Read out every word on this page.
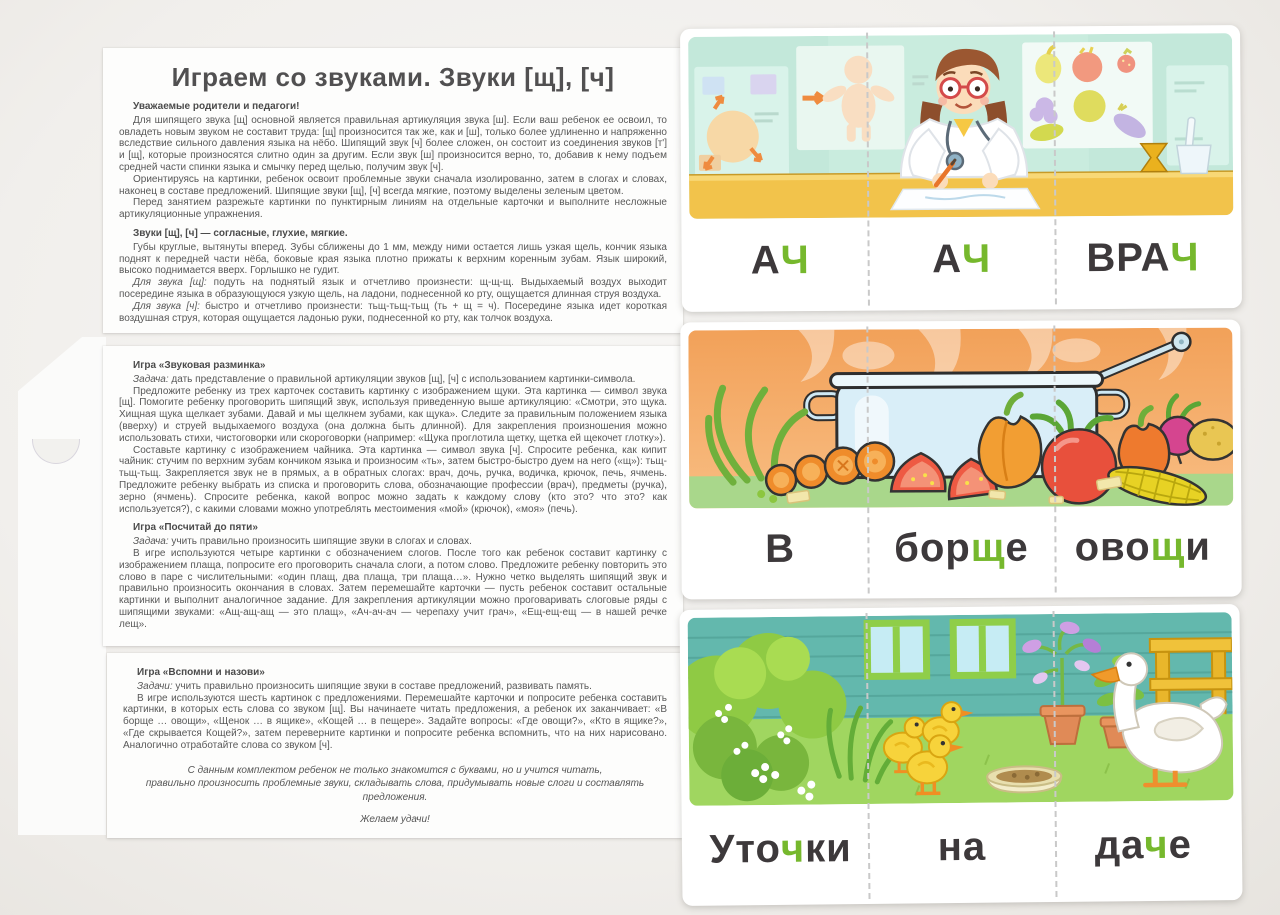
Играем со звуками. Звуки [щ], [ч]
Уважаемые родители и педагоги!

Для шипящего звука [щ] основной является правильная артикуляция звука [ш]. Если ваш ребенок ее освоил, то овладеть новым звуком не составит труда: [щ] произносится так же, как и [ш], только более удлиненно и напряженно вследствие сильного давления языка на нёбо. Шипящий звук [ч] более сложен, он состоит из соединения звуков [т'] и [щ], которые произносятся слитно один за другим. Если звук [ш] произносится верно, то, добавив к нему подъем средней части спинки языка и смычку перед щелью, получим звук [ч].

Ориентируясь на картинки, ребенок освоит проблемные звуки сначала изолированно, затем в слогах и словах, наконец в составе предложений. Шипящие звуки [щ], [ч] всегда мягкие, поэтому выделены зеленым цветом.

Перед занятием разрежьте картинки по пунктирным линиям на отдельные карточки и выполните несложные артикуляционные упражнения.

Звуки [щ], [ч] — согласные, глухие, мягкие.

Губы круглые, вытянуты вперед. Зубы сближены до 1 мм, между ними остается лишь узкая щель, кончик языка поднят к передней части нёба, боковые края языка плотно прижаты к верхним коренным зубам. Язык широкий, высоко поднимается вверх. Горлышко не гудит.

Для звука [щ]: подуть на поднятый язык и отчетливо произнести: щ-щ-щ. Выдыхаемый воздух выходит посередине языка в образующуюся узкую щель, на ладони, поднесенной ко рту, ощущается длинная струя воздуха.

Для звука [ч]: быстро и отчетливо произнести: тьщ-тьщ-тьщ (ть + щ = ч). Посередине языка идет короткая воздушная струя, которая ощущается ладонью руки, поднесенной ко рту, как толчок воздуха.

Игра «Звуковая разминка»

Задача: дать представление о правильной артикуляции звуков [щ], [ч] с использованием картинки-символа.

Предложите ребенку из трех карточек составить картинку с изображением щуки. Эта картинка — символ звука [щ]. Помогите ребенку проговорить шипящий звук, используя приведенную выше артикуляцию: «Смотри, это щука. Хищная щука щелкает зубами. Давай и мы щелкнем зубами, как щука». Следите за правильным положением языка (вверху) и струей выдыхаемого воздуха (она должна быть длинной). Для закрепления произношения можно использовать стихи, чистоговорки или скороговорки (например: «Щука проглотила щетку, щетка ей щекочет глотку»).

Составьте картинку с изображением чайника. Эта картинка — символ звука [ч]. Спросите ребенка, как кипит чайник: стучим по верхним зубам кончиком языка и произносим «ть», затем быстро-быстро дуем на него («щ»): тьщ-тьщ-тьщ. Закрепляется звук не в прямых, а в обратных слогах: врач, дочь, ручка, водичка, крючок, печь, ячмень. Предложите ребенку выбрать из списка и проговорить слова, обозначающие профессии (врач), предметы (ручка), зерно (ячмень). Спросите ребенка, какой вопрос можно задать к каждому слову (кто это? что это? как используется?), с какими словами можно употреблять местоимения «мой» (крючок), «моя» (печь).

Игра «Посчитай до пяти»

Задача: учить правильно произносить шипящие звуки в слогах и словах.

В игре используются четыре картинки с обозначением слогов. После того как ребенок составит картинку с изображением плаща, попросите его проговорить сначала слоги, а потом слово. Предложите ребенку повторить это слово в паре с числительными: «один плащ, два плаща, три плаща…». Нужно четко выделять шипящий звук и правильно произносить окончания в словах. Затем перемешайте карточки — пусть ребенок составит остальные картинки и выполнит аналогичное задание. Для закрепления артикуляции можно проговаривать слоговые ряды с шипящими звуками: «Ащ-ащ-ащ — это плащ», «Ач-ач-ач — черепаху учит грач», «Ещ-ещ-ещ — в нашей речке лещ».

Игра «Вспомни и назови»

Задачи: учить правильно произносить шипящие звуки в составе предложений, развивать память.

В игре используются шесть картинок с предложениями. Перемешайте карточки и попросите ребенка составить картинки, в которых есть слова со звуком [щ]. Вы начинаете читать предложения, а ребенок их заканчивает: «В борще … овощи», «Щенок … в ящике», «Кощей … в пещере». Задайте вопросы: «Где овощи?», «Кто в ящике?», «Где скрывается Кощей?», затем переверните картинки и попросите ребенка вспомнить, что на них нарисовано. Аналогично отработайте слова со звуком [ч].

С данным комплектом ребенок не только знакомится с буквами, но и учится читать,
правильно произносить проблемные звуки, складывать слова, придумывать новые слоги и составлять предложения.
Желаем удачи!
А Ч	А Ч ВРА Ч
В бор щ е ово щ и
Уто ч ки на	да ч е
